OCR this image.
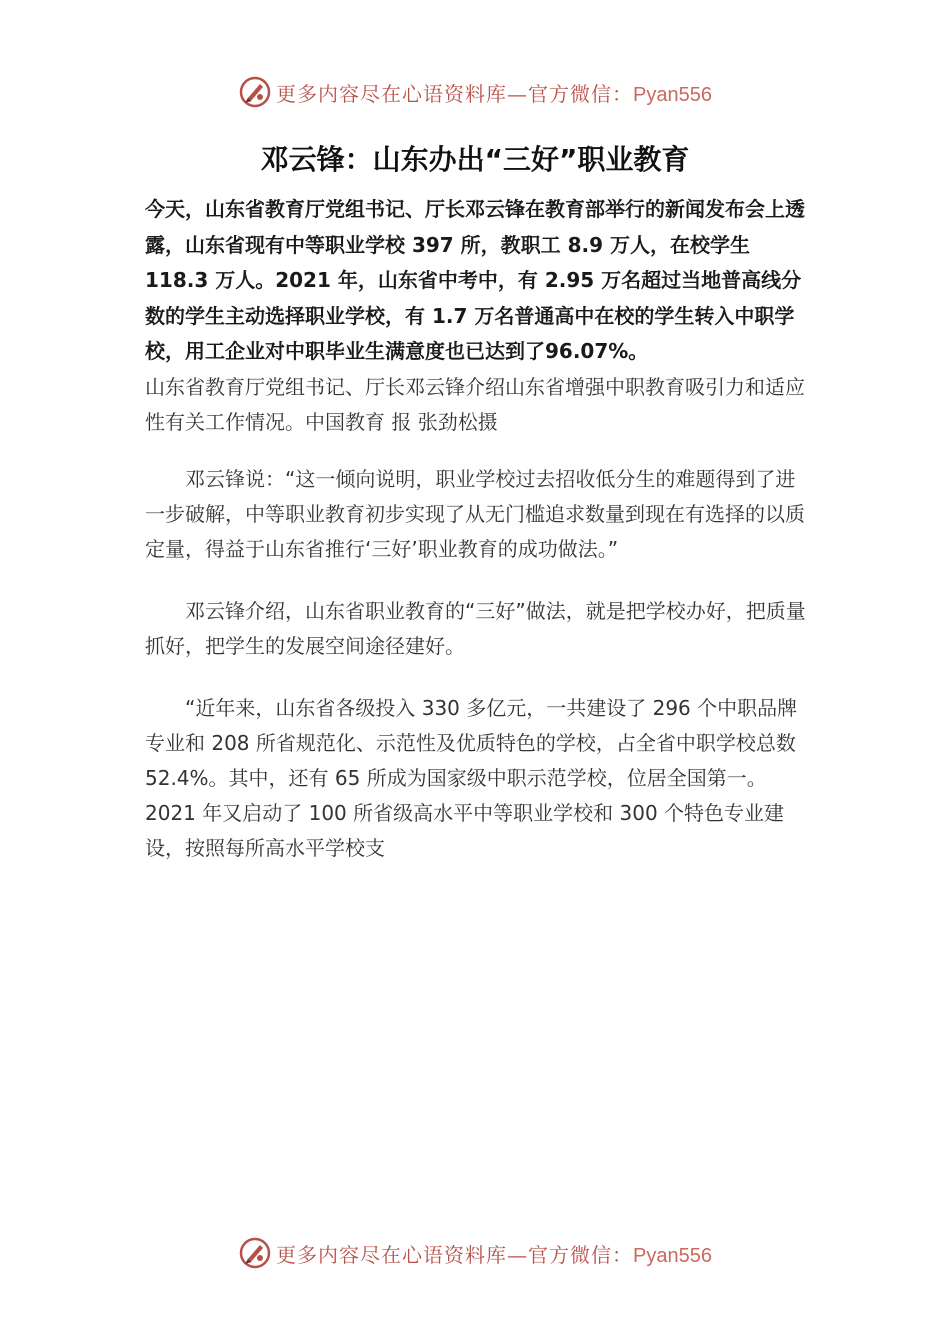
更多内容尽在心语资料库—官方微信：Pyan556
邓云锋：山东办出“三好”职业教育

今天，山东省教育厅党组书记、厅长邓云锋在教育部举行的新闻发布会上透露，山东省现有中等职业学校 397 所，教职工 8.9 万人，在校学生 118.3 万人。2021 年，山东省中考中，有 2.95 万名超过当地普高线分数的学生主动选择职业学校，有 1.7 万名普通高中在校的学生转入中职学校，用工企业对中职毕业生满意度也已达到了96.07%。

山东省教育厅党组书记、厅长邓云锋介绍山东省增强中职教育吸引力和适应性有关工作情况。中国教育 报 张劲松摄

邓云锋说：“这一倾向说明，职业学校过去招收低分生的难题得到了进一步破解，中等职业教育初步实现了从无门槛追求数量到现在有选择的以质定量，得益于山东省推行‘三好’职业教育的成功做法。”

邓云锋介绍，山东省职业教育的“三好”做法，就是把学校办好，把质量抓好，把学生的发展空间途径建好。

“近年来，山东省各级投入 330 多亿元，一共建设了 296 个中职品牌专业和 208 所省规范化、示范性及优质特色的学校，占全省中职学校总数 52.4%。其中，还有 65 所成为国家级中职示范学校，位居全国第一。2021 年又启动了 100 所省级高水平中等职业学校和 300 个特色专业建设，按照每所高水平学校支

更多内容尽在心语资料库—官方微信：Pyan556
